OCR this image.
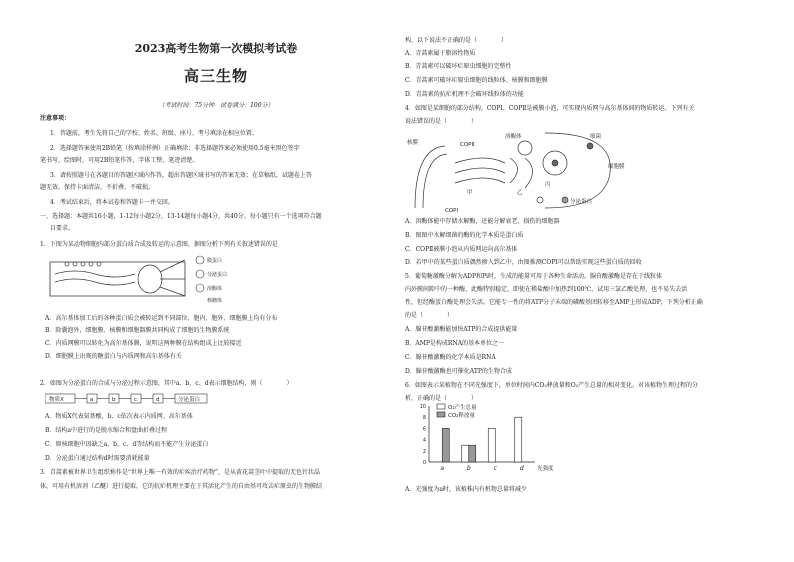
2023高考生物第一次模拟考试卷
高三生物
（考试时间：75分钟　试卷满分：100分）
注意事项：
1．答题前，考生先将自己的学校、姓名、班级、座号、考号填涂在相应位置。
2．选择题答案使用2B铅笔（按填涂样例）正确填涂；非选择题答案必须使用0.5毫米黑色签字
笔书写，绘图时，可用2B铅笔作答，字体工整、笔迹清楚。
3．请按照题号在各题目的答题区域内作答，超出答题区域书写的答案无效；在草稿纸、试题卷上答
题无效。保持卡面清洁，不折叠、不破损。
4．考试结束后，将本试卷和答题卡一并交回。
一、选择题：本题共16小题，1-12每小题2分，13-14题每小题4分，共40分。每小题只有一个选项符合题
目要求。
1．下图为某动物细胞内部分蛋白质合成及转运的示意图，据图分析下列有关叙述错误的是
膜蛋白
分泌蛋白
溶酶体
核糖体
A．高尔基体加工后的各种蛋白质会被转运到不同部位，胞内、胞外、细胞膜上均有分布
B．除囊泡外，细胞膜、核膜和细胞器膜共同构成了细胞的生物膜系统
C．内质网膜可以转化为高尔基体膜，说明这两种膜在结构组成上比较接近
D．细胞膜上出现的糖蛋白与内质网和高尔基体有关
2．如图为分泌蛋白的合成与分泌过程示意图，其中a、b、c、d表示细胞结构，则（　　　　）
物质X	a	b	c	d	分泌蛋白
A．物质X代表氨基酸，b、c依次表示内质网、高尔基体
B．结构a中进行的是脱水缩合和盘曲折叠过程
C．原核细胞中因缺乏a、b、c、d等结构而不能产生分泌蛋白
D．分泌蛋白通过结构d时需要消耗能量
3．青蒿素被世界卫生组织称作是“世界上唯一有效的疟疾治疗药物”，是从黄花蒿茎叶中提取的无色针状晶
体，可用有机溶剂（乙醚）进行提取，它的抗疟机理主要在于其活化产生的自由基可攻击疟原虫的生物膜结
构，以下说法不正确的是（　　　　）
A．青蒿素属于脂溶性物质
B．青蒿素可以破坏疟原虫细胞的完整性
C．青蒿素可破坏疟原虫细胞的线粒体、核膜和细胞膜
D．青蒿素的抗疟机理不会破坏线粒体的功能
4．如图是某细胞的部分结构，COPⅠ、COPⅡ是被膜小泡，可实现内质网与高尔基体间的物质转运。下列有关
说法错误的是（　　　　）
核膜	COPⅡ
溶酶体
COPⅠ
细菌
细胞膜
分泌蛋白
甲	乙
丙
A．溶酶体能中存储水解酶，还能分解衰老、损伤的细胞器
B．图图中水解细菌的酶的化学本质是蛋白质
C．COPⅡ被膜小泡从内质网运向高尔基体
D．若甲中的某些蛋白质偶然掺入到乙中，由图推测COPⅠ可以帮助实现这些蛋白质的回收
5．葡萄糖激酶分解为ADP和Pi时，生成的能量可用于各种生命活动。腺苷酸激酶是存在于线粒体
内外膜间隙中的一种酶，此酶特别稳定，即使在稀盐酸中加热到100℃，试用三氯乙酸处理，也不易失去活
性，但经酶蛋白酶处理会失活。它能专一性的将ATP分子末端的磷酸基团转移至AMP上形成ADP，下列分析正确
的是（　　　　）
A．腺苷酸激酶能加快ATP的合成提供能量
B．AMP是构成RNA的基本单位之一
C．腺苷酸激酶的化学本质是RNA
D．腺苷酸激酶也可催化ATP的生物合成
6．如图表示某植物在不同光强度下，单位时间内CO₂释放量和O₂产生总量的相对变化。对该植物生理过程的分
析，正确的是（　　　　）
0
2
4
6
8
10
a	b	c	d 光强度
O₂产生总量
CO₂释放量
A．光强度为a时，该植株内有机物总量将减少
